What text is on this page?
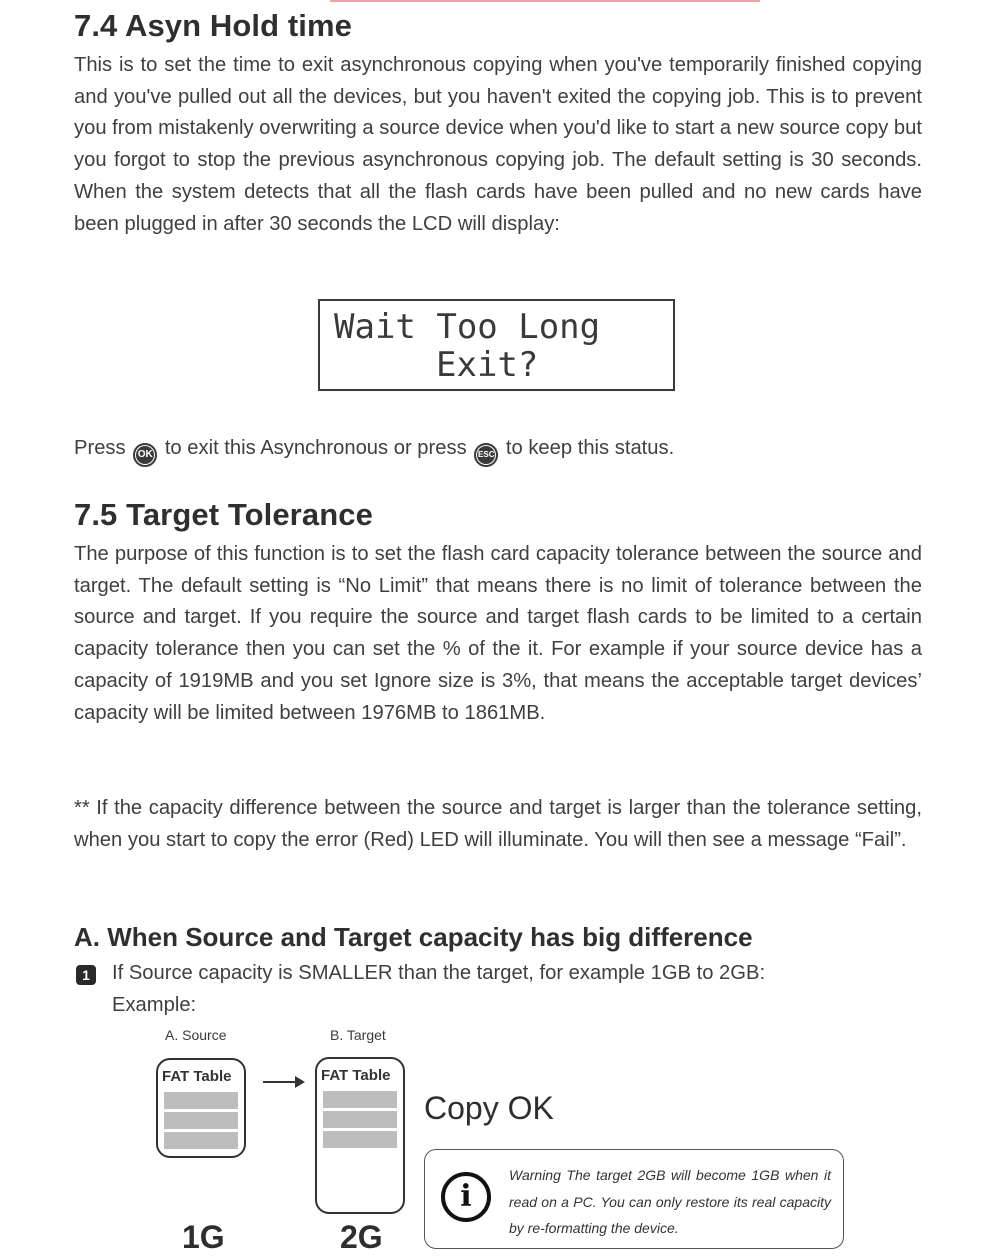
7.4 Asyn Hold time

This is to set the time to exit asynchronous copying when you've temporarily finished copying and you've pulled out all the devices, but you haven't exited the copying job. This is to prevent you from mistakenly overwriting a source device when you'd like to start a new source copy but you forgot to stop the previous asynchronous copying job. The default setting is 30 seconds. When the system detects that all the flash cards have been pulled and no new cards have been plugged in after 30 seconds the LCD will display:

Wait Too Long
Exit?
Press OK to exit this Asynchronous or press ESC to keep this status.
7.5 Target Tolerance

The purpose of this function is to set the flash card capacity tolerance between the source and target. The default setting is “No Limit” that means there is no limit of tolerance between the source and target. If you require the source and target flash cards to be limited to a certain capacity tolerance then you can set the % of the it. For example if your source device has a capacity of 1919MB and you set Ignore size is 3%, that means the acceptable target devices’ capacity will be limited between 1976MB to 1861MB.

** If the capacity difference between the source and target is larger than the tolerance setting, when you start to copy the error (Red) LED will illuminate. You will then see a message “Fail”.

A. When Source and Target capacity has big difference
1	If Source capacity is SMALLER than the target, for example 1GB to 2GB:
Example:
A. Source	B. Target
FAT Table	FAT Table
1G	2G
Copy OK
i
Warning The target 2GB will become 1GB when it read on a PC. You can only restore its real capacity by re-formatting the device.
